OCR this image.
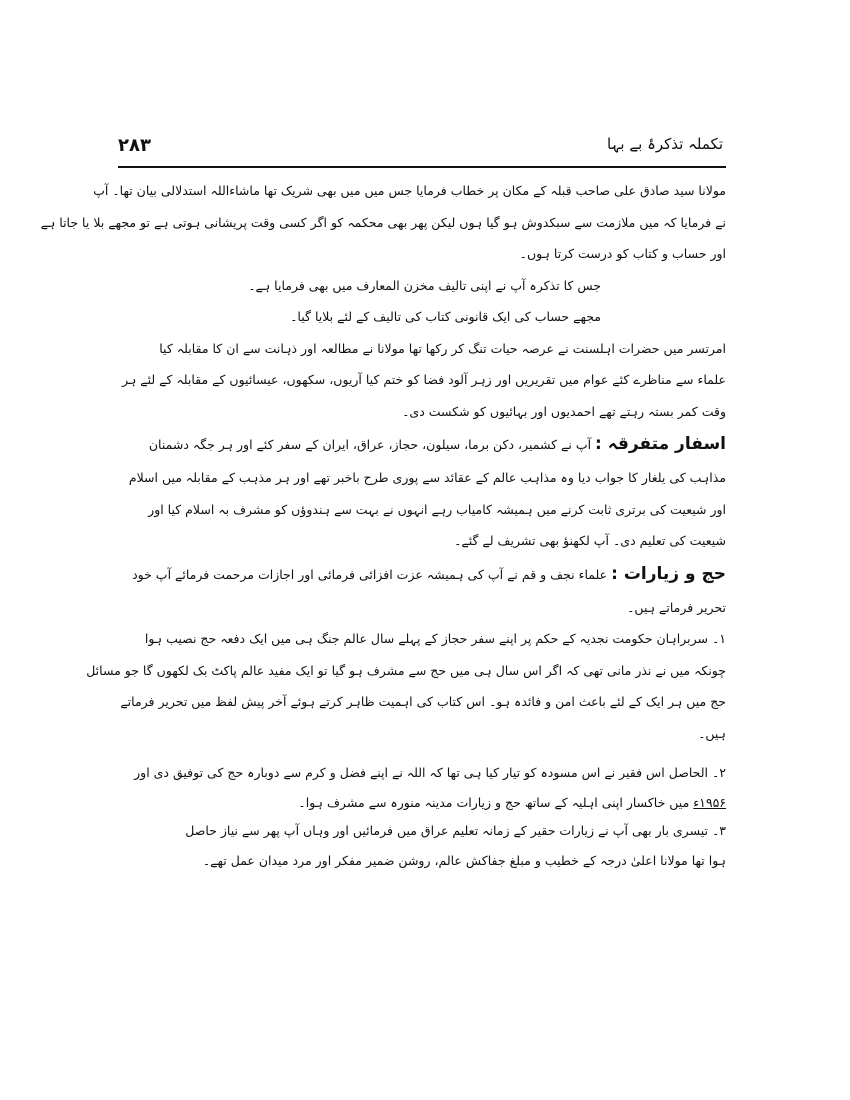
۲۸۳	تکملہ تذکرۂ بے بہا
مولانا سید صادق علی صاحب قبلہ کے مکان پر خطاب فرمایا جس میں میں بھی شریک تھا ماشاءاللہ استدلالی بیان تھا۔ آپ
نے فرمایا کہ میں ملازمت سے سبکدوش ہو گیا ہوں لیکن پھر بھی محکمہ کو اگر کسی وقت پریشانی ہوتی ہے تو مجھے بلا یا جاتا ہے
اور حساب و کتاب کو درست کرتا ہوں۔
جس کا تذکرہ آپ نے اپنی تالیف مخزن المعارف میں بھی فرمایا ہے۔
مجھے حساب کی ایک قانونی کتاب کی تالیف کے لئے بلایا گیا۔
امرتسر میں حضرات اہلسنت نے عرصہ حیات تنگ کر رکھا تھا مولانا نے مطالعہ اور ذہانت سے ان کا مقابلہ کیا
علماء سے مناظرے کئے عوام میں تقریریں اور زہر آلود فضا کو ختم کیا آریوں، سکھوں، عیسائیوں کے مقابلہ کے لئے ہر
وقت کمر بستہ رہتے تھے احمدیوں اور بہائیوں کو شکست دی۔
اسفار متفرقہ : آپ نے کشمیر، دکن برما، سیلون، حجاز، عراق، ایران کے سفر کئے اور ہر جگہ دشمنان
مذاہب کی یلغار کا جواب دیا وہ مذاہب عالم کے عقائد سے پوری طرح باخبر تھے اور ہر مذہب کے مقابلہ میں اسلام
اور شیعیت کی برتری ثابت کرنے میں ہمیشہ کامیاب رہے انہوں نے بہت سے ہندوؤں کو مشرف بہ اسلام کیا اور
شیعیت کی تعلیم دی۔ آپ لکھنؤ بھی تشریف لے گئے۔
حج و زیارات : علماء نجف و قم نے آپ کی ہمیشہ عزت افزائی فرمائی اور اجازات مرحمت فرمائے آپ خود
تحریر فرماتے ہیں۔
۱۔ سربراہان حکومت نجدیہ کے حکم پر اپنے سفر حجاز کے پہلے سال عالم جنگ ہی میں ایک دفعہ حج نصیب ہوا
چونکہ میں نے نذر مانی تھی کہ اگر اس سال ہی میں حج سے مشرف ہو گیا تو ایک مفید عالم پاکٹ بک لکھوں گا جو مسائل
حج میں ہر ایک کے لئے باعث امن و فائدہ ہو۔ اس کتاب کی اہمیت ظاہر کرتے ہوئے آخر پیش لفظ میں تحریر فرماتے
ہیں۔
۲۔ الحاصل اس فقیر نے اس مسودہ کو تیار کیا ہی تھا کہ اللہ نے اپنے فضل و کرم سے دوبارہ حج کی توفیق دی اور
۱۹۵۶ء میں خاکسار اپنی اہلیہ کے ساتھ حج و زیارات مدینہ منورہ سے مشرف ہوا۔
۳۔ تیسری بار بھی آپ نے زیارات حقیر کے زمانہ تعلیم عراق میں فرمائیں اور وہاں آپ پھر سے نیاز حاصل
ہوا تھا مولانا اعلیٰ درجہ کے خطیب و مبلغ جفاکش عالم، روشن ضمیر مفکر اور مرد میدان عمل تھے۔
